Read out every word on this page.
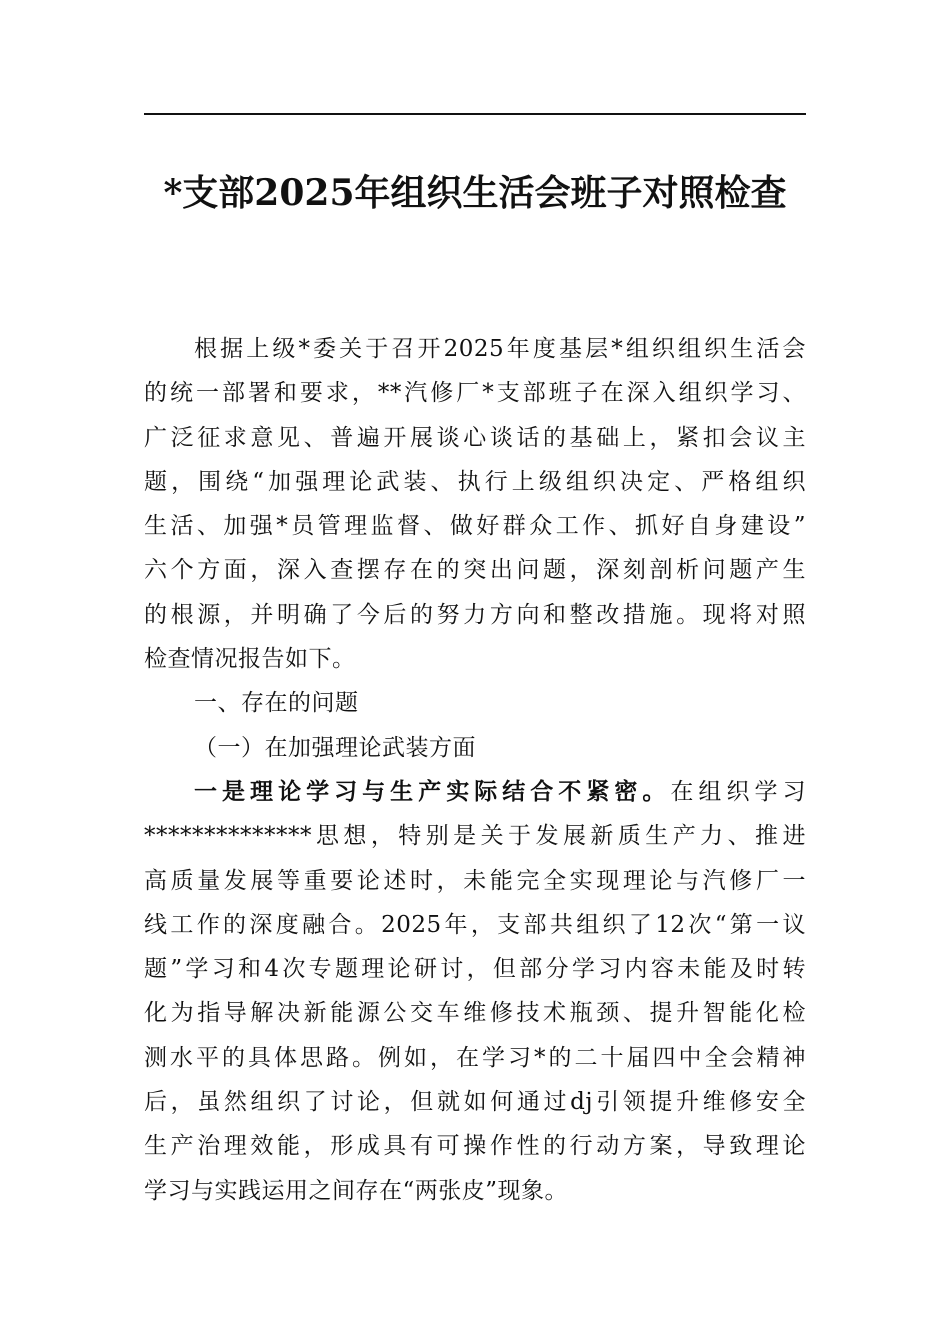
*支部2025年组织生活会班子对照检查
根据上级*委关于召开2025年度基层*组织组织生活会
的统一部署和要求，**汽修厂*支部班子在深入组织学习、
广泛征求意见、普遍开展谈心谈话的基础上，紧扣会议主
题，围绕“加强理论武装、执行上级组织决定、严格组织
生活、加强*员管理监督、做好群众工作、抓好自身建设”
六个方面，深入查摆存在的突出问题，深刻剖析问题产生
的根源，并明确了今后的努力方向和整改措施。现将对照
检查情况报告如下。
一、存在的问题
（一）在加强理论武装方面
一是理论学习与生产实际结合不紧密。在组织学习
**************思想，特别是关于发展新质生产力、推进
高质量发展等重要论述时，未能完全实现理论与汽修厂一
线工作的深度融合。2025年，支部共组织了12次“第一议
题”学习和4次专题理论研讨，但部分学习内容未能及时转
化为指导解决新能源公交车维修技术瓶颈、提升智能化检
测水平的具体思路。例如，在学习*的二十届四中全会精神
后，虽然组织了讨论，但就如何通过dj引领提升维修安全
生产治理效能，形成具有可操作性的行动方案，导致理论
学习与实践运用之间存在“两张皮”现象。
